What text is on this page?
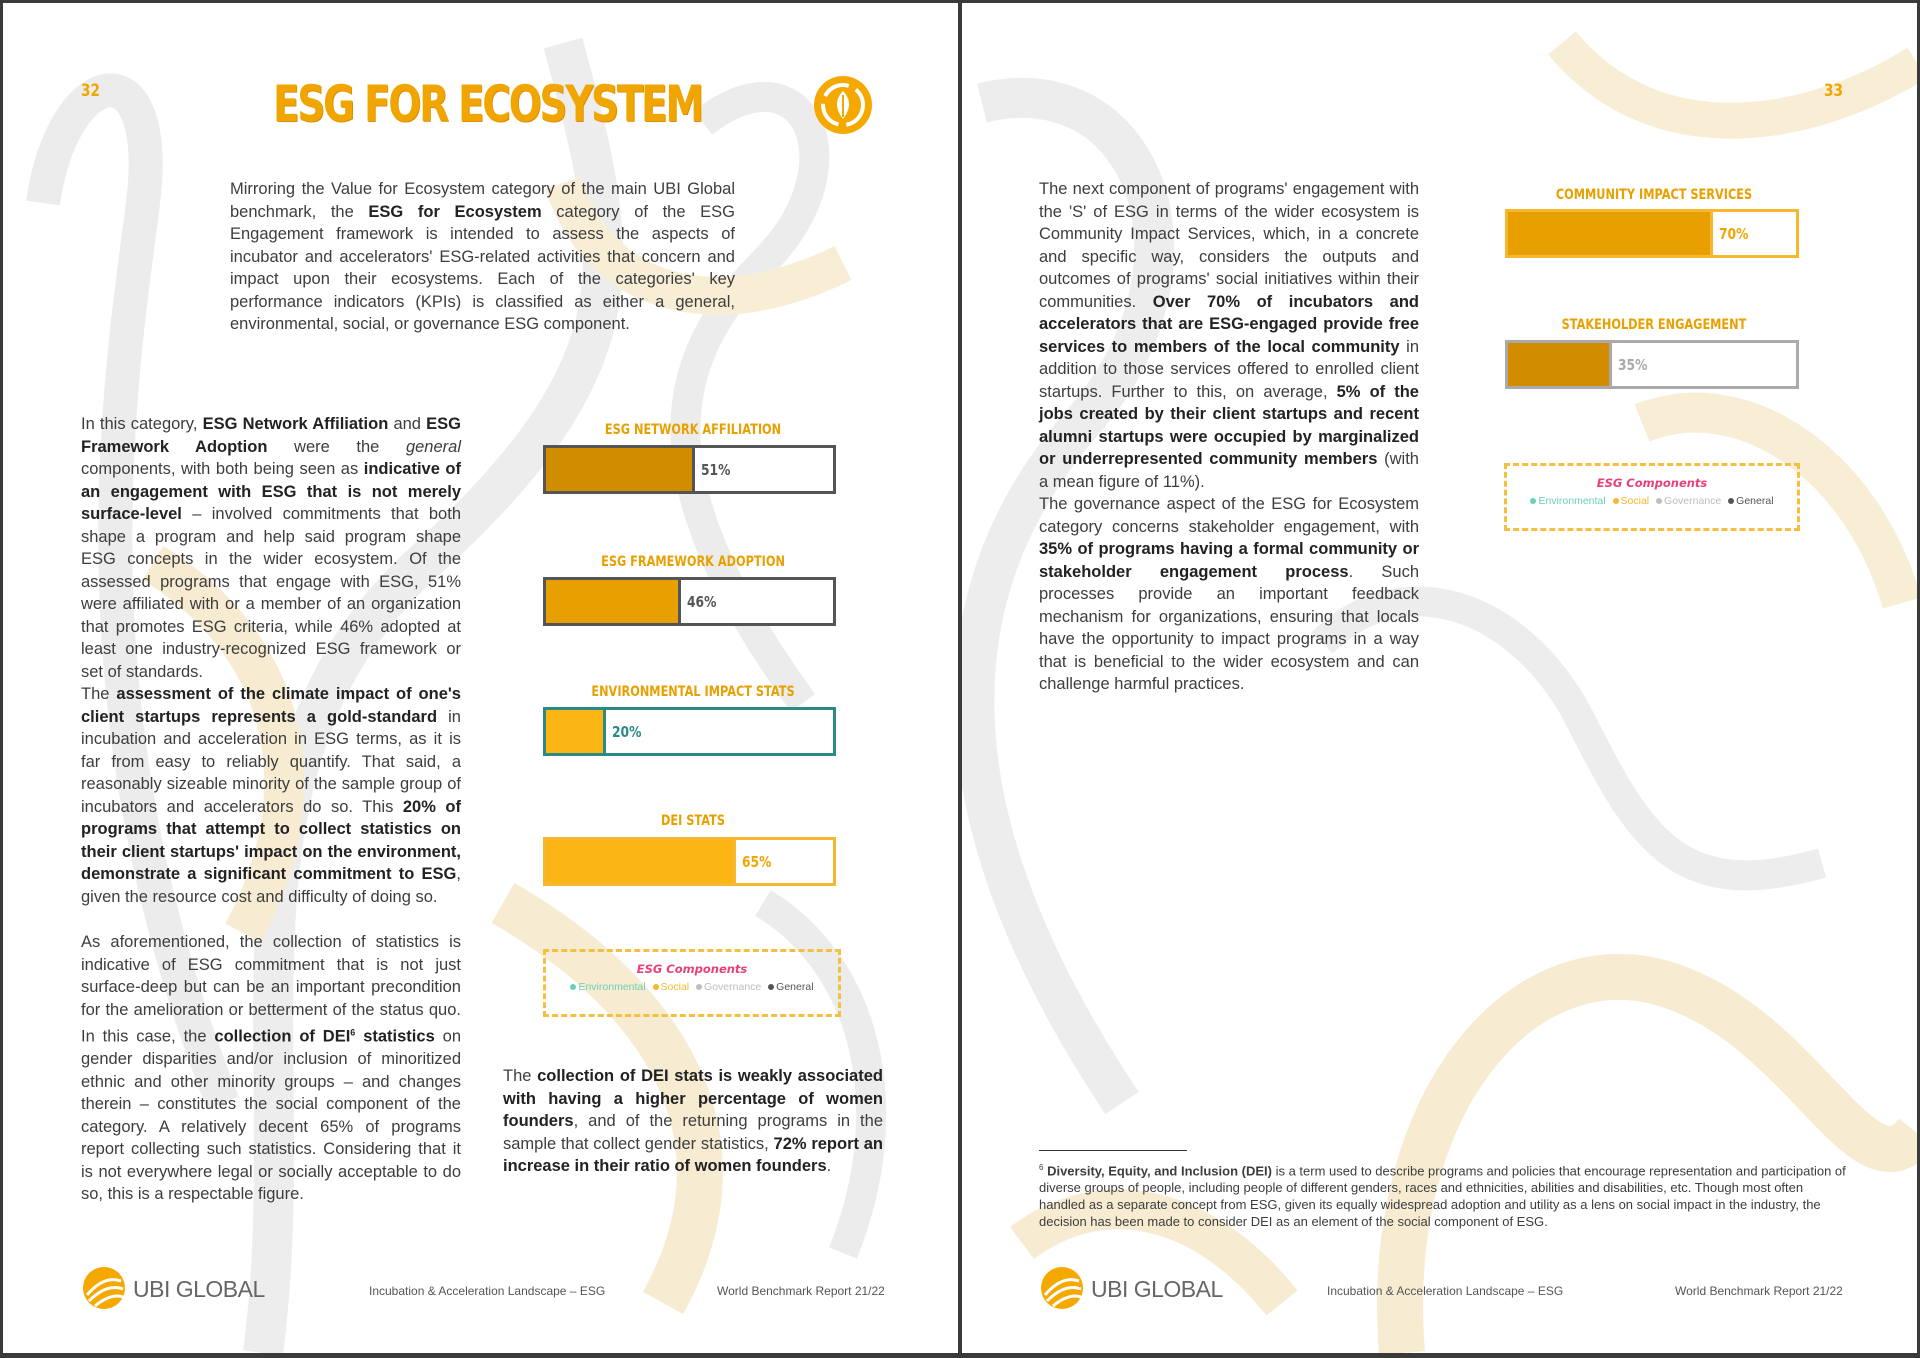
32	ESG FOR ECOSYSTEM

Mirroring the Value for Ecosystem category of the main UBI Global benchmark, the ESG for Ecosystem category of the ESG Engagement framework is intended to assess the aspects of incubator and accelerators' ESG-related activities that concern and impact upon their ecosystems. Each of the categories' key performance indicators (KPIs) is classified as either a general, environmental, social, or governance ESG component.

In this category, ESG Network Affiliation and ESG Framework Adoption were the general components, with both being seen as indicative of an engagement with ESG that is not merely surface-level – involved commitments that both shape a program and help said program shape ESG concepts in the wider ecosystem. Of the assessed programs that engage with ESG, 51% were affiliated with or a member of an organization that promotes ESG criteria, while 46% adopted at least one industry-recognized ESG framework or set of standards.

The assessment of the climate impact of one's client startups represents a gold-standard in incubation and acceleration in ESG terms, as it is far from easy to reliably quantify. That said, a reasonably sizeable minority of the sample group of incubators and accelerators do so. This 20% of programs that attempt to collect statistics on their client startups' impact on the environment, demonstrate a significant commitment to ESG, given the resource cost and difficulty of doing so.

As aforementioned, the collection of statistics is indicative of ESG commitment that is not just surface-deep but can be an important precondition for the amelioration or betterment of the status quo. In this case, the collection of DEI$^6$ statistics on gender disparities and/or inclusion of minoritized ethnic and other minority groups – and changes therein – constitutes the social component of the category. A relatively decent 65% of programs report collecting such statistics. Considering that it is not everywhere legal or socially acceptable to do so, this is a respectable figure.

The collection of DEI stats is weakly associated with having a higher percentage of women founders, and of the returning programs in the sample that collect gender statistics, 72% report an increase in their ratio of women founders.

ESG NETWORK AFFILIATION
51%
ESG FRAMEWORK ADOPTION
46%
ENVIRONMENTAL IMPACT STATS
20%
DEI STATS
65%
ESG Components
Environmental Social Governance General
UBI GLOBAL	Incubation & Acceleration Landscape – ESG	World Benchmark Report 21/22
33

The next component of programs' engagement with the 'S' of ESG in terms of the wider ecosystem is Community Impact Services, which, in a concrete and specific way, considers the outputs and outcomes of programs' social initiatives within their communities. Over 70% of incubators and accelerators that are ESG-engaged provide free services to members of the local community in addition to those services offered to enrolled client startups. Further to this, on average, 5% of the jobs created by their client startups and recent alumni startups were occupied by marginalized or underrepresented community members (with a mean figure of 11%).

The governance aspect of the ESG for Ecosystem category concerns stakeholder engagement, with 35% of programs having a formal community or stakeholder engagement process. Such processes provide an important feedback mechanism for organizations, ensuring that locals have the opportunity to impact programs in a way that is beneficial to the wider ecosystem and can challenge harmful practices.

COMMUNITY IMPACT SERVICES
70%
STAKEHOLDER ENGAGEMENT
35%
ESG Components
Environmental Social Governance General

$^6$ Diversity, Equity, and Inclusion (DEI) is a term used to describe programs and policies that encourage representation and participation of diverse groups of people, including people of different genders, races and ethnicities, abilities and disabilities, etc. Though most often handled as a separate concept from ESG, given its equally widespread adoption and utility as a lens on social impact in the industry, the decision has been made to consider DEI as an element of the social component of ESG.

UBI GLOBAL	Incubation & Acceleration Landscape – ESG	World Benchmark Report 21/22
